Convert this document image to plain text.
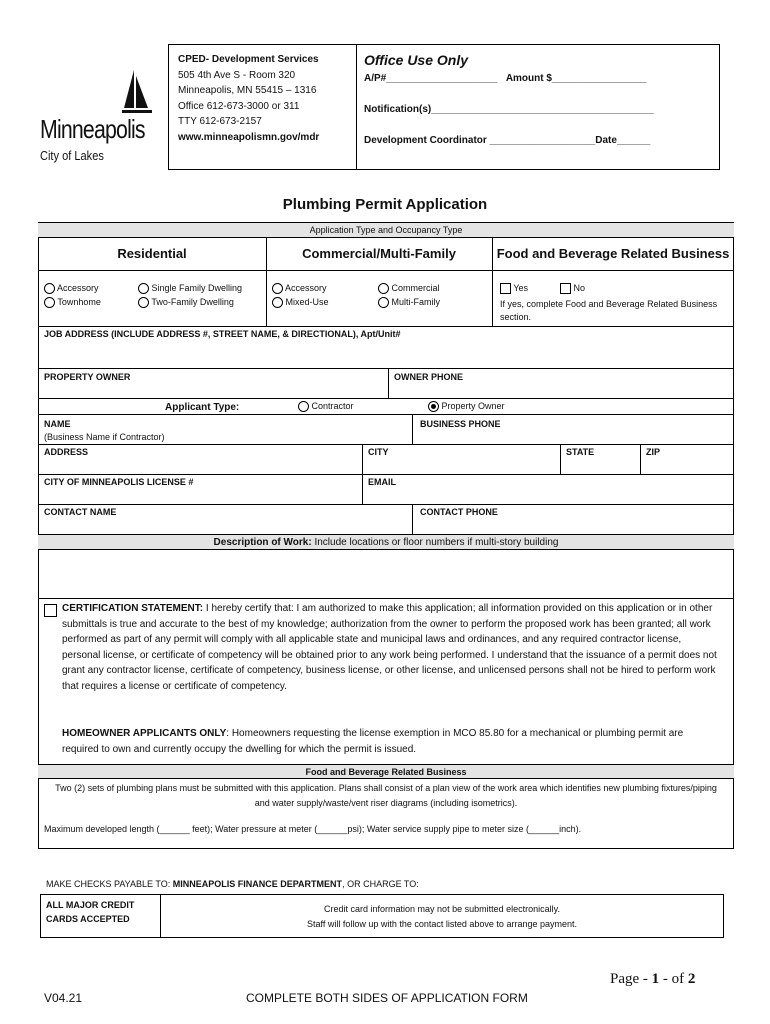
Minneapolis
City of Lakes
CPED- Development Services
505 4th Ave S - Room 320
Minneapolis, MN 55415 – 1316
Office 612-673-3000 or 311
TTY 612-673-2157
www.minneapolismn.gov/mdr
Office Use Only
A/P#____________________ Amount $_________________
Notification(s)________________________________________
Development Coordinator ___________________Date______
Plumbing Permit Application
Application Type and Occupancy Type
Residential	Commercial/Multi-Family	Food and Beverage Related Business
Accessory
Townhome
Single Family Dwelling
Two-Family Dwelling
Accessory
Mixed-Use
Commercial
Multi-Family
Yes	No
If yes, complete Food and Beverage Related Business section.
JOB ADDRESS (INCLUDE ADDRESS #, STREET NAME, & DIRECTIONAL), Apt/Unit#
PROPERTY OWNER	OWNER PHONE
Applicant Type:	Contractor	Property Owner
NAME
(Business Name if Contractor)
BUSINESS PHONE
ADDRESS	CITY	STATE	ZIP
CITY OF MINNEAPOLIS LICENSE #	EMAIL
CONTACT NAME	CONTACT PHONE
Description of Work: Include locations or floor numbers if multi-story building
CERTIFICATION STATEMENT: I hereby certify that: I am authorized to make this application; all information provided on this application or in other submittals is true and accurate to the best of my knowledge; authorization from the owner to perform the proposed work has been granted; all work performed as part of any permit will comply with all applicable state and municipal laws and ordinances, and any required contractor license, personal license, or certificate of competency will be obtained prior to any work being performed. I understand that the issuance of a permit does not grant any contractor license, certificate of competency, business license, or other license, and unlicensed persons shall not be hired to perform work that requires a license or certificate of competency.
HOMEOWNER APPLICANTS ONLY: Homeowners requesting the license exemption in MCO 85.80 for a mechanical or plumbing permit are required to own and currently occupy the dwelling for which the permit is issued.
Food and Beverage Related Business
Two (2) sets of plumbing plans must be submitted with this application. Plans shall consist of a plan view of the work area which identifies new plumbing fixtures/piping and water supply/waste/vent riser diagrams (including isometrics).
Maximum developed length (______ feet); Water pressure at meter (______psi); Water service supply pipe to meter size (______inch).
MAKE CHECKS PAYABLE TO: MINNEAPOLIS FINANCE DEPARTMENT, OR CHARGE TO:
ALL MAJOR CREDIT CARDS ACCEPTED
Credit card information may not be submitted electronically.
Staff will follow up with the contact listed above to arrange payment.
Page - 1 - of 2
V04.21	COMPLETE BOTH SIDES OF APPLICATION FORM
